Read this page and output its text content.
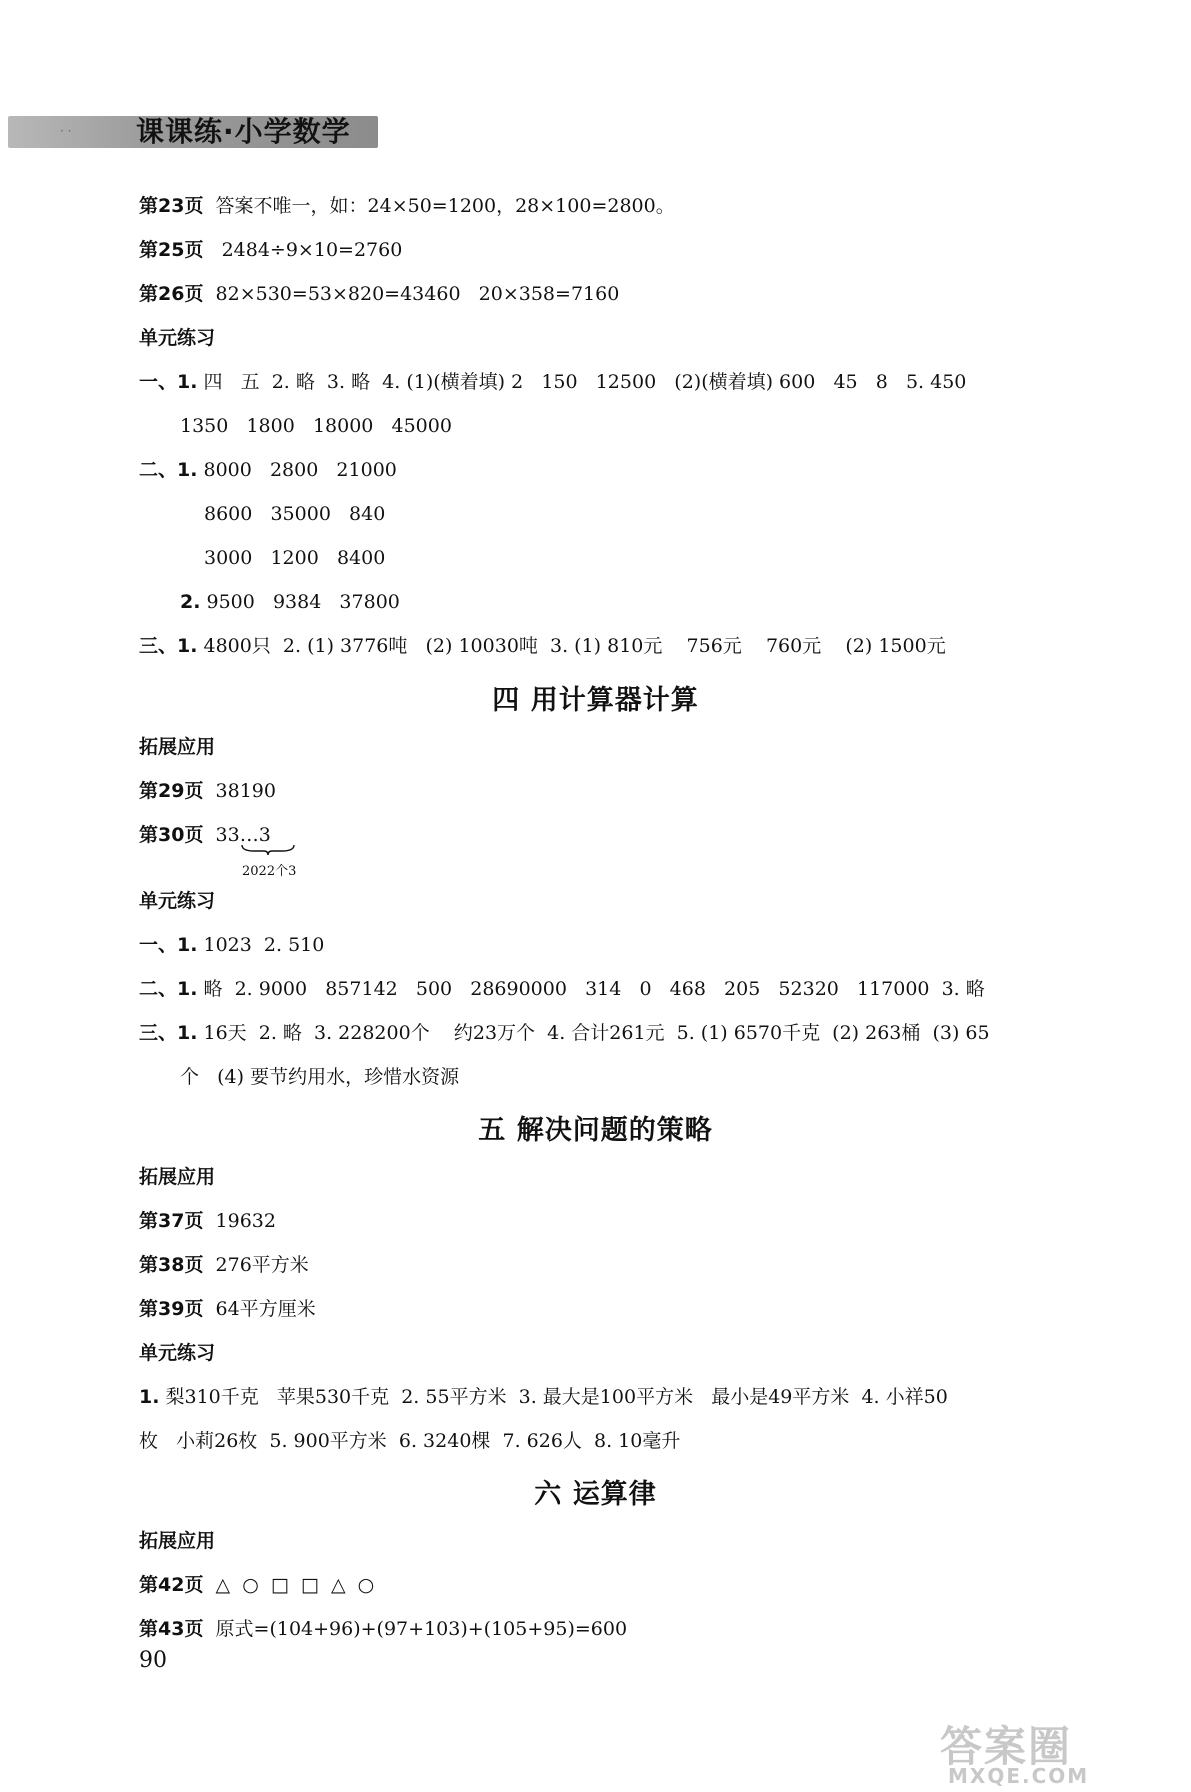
· · 课课练·小学数学
第23页  答案不唯一，如：24×50=1200，28×100=2800。
第25页   2484÷9×10=2760
第26页  82×530=53×820=43460   20×358=7160
单元练习
一、1. 四   五  2. 略  3. 略  4. (1)(横着填) 2   150   12500   (2)(横着填) 600   45   8   5. 450
1350   1800   18000   45000
二、1. 8000   2800   21000
8600   35000   840
3000   1200   8400
2. 9500   9384   37800
三、1. 4800只  2. (1) 3776吨   (2) 10030吨  3. (1) 810元    756元    760元    (2) 1500元
四 用计算器计算
拓展应用
第29页  38190
第30页  33…3
2022个3
单元练习
一、1. 1023  2. 510
二、1. 略  2. 9000   857142   500   28690000   314   0   468   205   52320   117000  3. 略
三、1. 16天  2. 略  3. 228200个    约23万个  4. 合计261元  5. (1) 6570千克  (2) 263桶  (3) 65
个   (4) 要节约用水，珍惜水资源
五 解决问题的策略
拓展应用
第37页  19632
第38页  276平方米
第39页  64平方厘米
单元练习
1. 梨310千克   苹果530千克  2. 55平方米  3. 最大是100平方米   最小是49平方米  4. 小祥50
枚   小莉26枚  5. 900平方米  6. 3240棵  7. 626人  8. 10毫升
六 运算律
拓展应用
第42页  △  ○  □  □  △  ○
第43页  原式=(104+96)+(97+103)+(105+95)=600
90
答案圈
MXQE.COM
